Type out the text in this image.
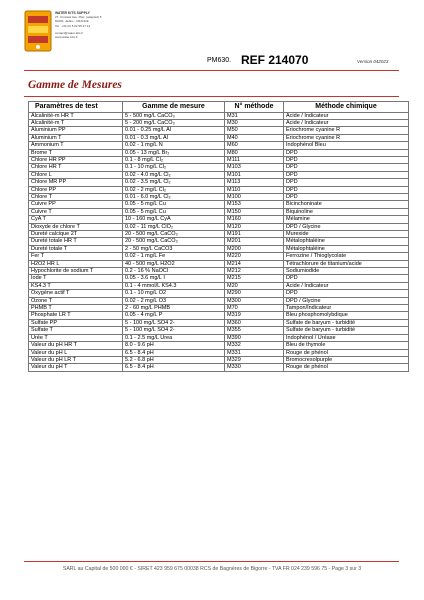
WATER KITS SUPPLY
27, Cruzaca Ave. Plac. (adapted) 5
60200, Jadinc - FRANCE
Tel : +33 (0) 5 62 95 17 44
contact@water-kits.fr
www.water-kits.fr
PM630. REF 214070	Version 042023
Gamme de Mesures
Paramètres de test	Gamme de mesure	N° méthode	Méthode chimique
Alcalinité-m HR T	5 - 500 mg/L CaCO₃	M31	Acide / Indicateur
Alcalinité-m T	5 - 200 mg/L CaCO₃	M30	Acide / Indicateur
Aluminium PP	0.01 - 0.25 mg/L Al	M50	Eriochrome cyanine R
Aluminium T	0.01 - 0.3 mg/L Al	M40	Eriochrome cyanine R
Ammonium T	0.02 - 1 mg/L N	M60	Indophénol Bleu
Brome T	0.05 - 13 mg/L Br₂	M80	DPD
Chlore HR PP	0.1 - 8 mg/L Cl₂	M111	DPD
Chlore HR T	0.1 - 10 mg/L Cl₂	M103	DPD
Chlore L	0.02 - 4.0 mg/L Cl₂	M101	DPD
Chlore MR PP	0.02 - 3.5 mg/L Cl₂	M113	DPD
Chlore PP	0.02 - 2 mg/L Cl₂	M110	DPD
Chlore T	0.01 - 6.0 mg/L Cl₂	M100	DPD
Cuivre PP	0.05 - 5 mg/L Cu	M153	Bicinchoninate
Cuivre T	0.05 - 5 mg/L Cu	M150	Biquinoline
CyA T	10 - 160 mg/L CyA	M160	Mélamine
Dioxyde de chlore T	0.02 - 11 mg/L ClO₂	M120	DPD / Glycine
Dureté calcique 2T	20 - 500 mg/L CaCO₃	M191	Murexide
Dureté totale HR T	20 - 500 mg/L CaCO₃	M201	Métalophtaléine
Dureté totale T	2 - 50 mg/L CaCO3	M200	Métalophtaléine
Fer T	0.02 - 1 mg/L Fe	M220	Ferrozine / Thioglycolate
H2O2 HR L	40 - 500 mg/L H2O2	M214	Tétrachlorure de titanium/acide
Hypochlorite de sodium T	0.2 - 16 % NaOCl	M212	Sodiumiodide
Iode T	0.05 - 3.6 mg/L I	M215	DPD
KS4.3 T	0.1 - 4 mmol/L KS4.3	M20	Acide / Indicateur
Oxygène actif T	0.1 - 10 mg/L O2	M290	DPD
Ozone T	0.02 - 2 mg/L O3	M300	DPD / Glycine
PHMB T	2 - 60 mg/L PHMB	M70	Tampon/Indicateur
Phosphate LR T	0.05 - 4 mg/L P	M319	Bleu phosphomolybdique
Sulfate PP	5 - 100 mg/L SO4 2-	M360	Sulfate de baryum - turbidité
Sulfate T	5 - 100 mg/L SO4 2-	M355	Sulfate de baryum - turbidité
Urée T	0.1 - 2.5 mg/L Urea	M390	Indophénol / Uréase
Valeur du pH HR T	8.0 - 9.6 pH	M332	Bleu de thymole
Valeur du pH L	6.5 - 8.4 pH	M331	Rouge de phénol
Valeur du pH LR T	5.2 - 6.8 pH	M329	Bromocresolpurple
Valeur du pH T	6.5 - 8.4 pH	M330	Rouge de phénol
SARL au Capital de 500 000 € - SIRET 423 959 675 00038 RCS de Bagnères de Bigorre - TVA FR 024 239 596 75 - Page 3 sur 3
